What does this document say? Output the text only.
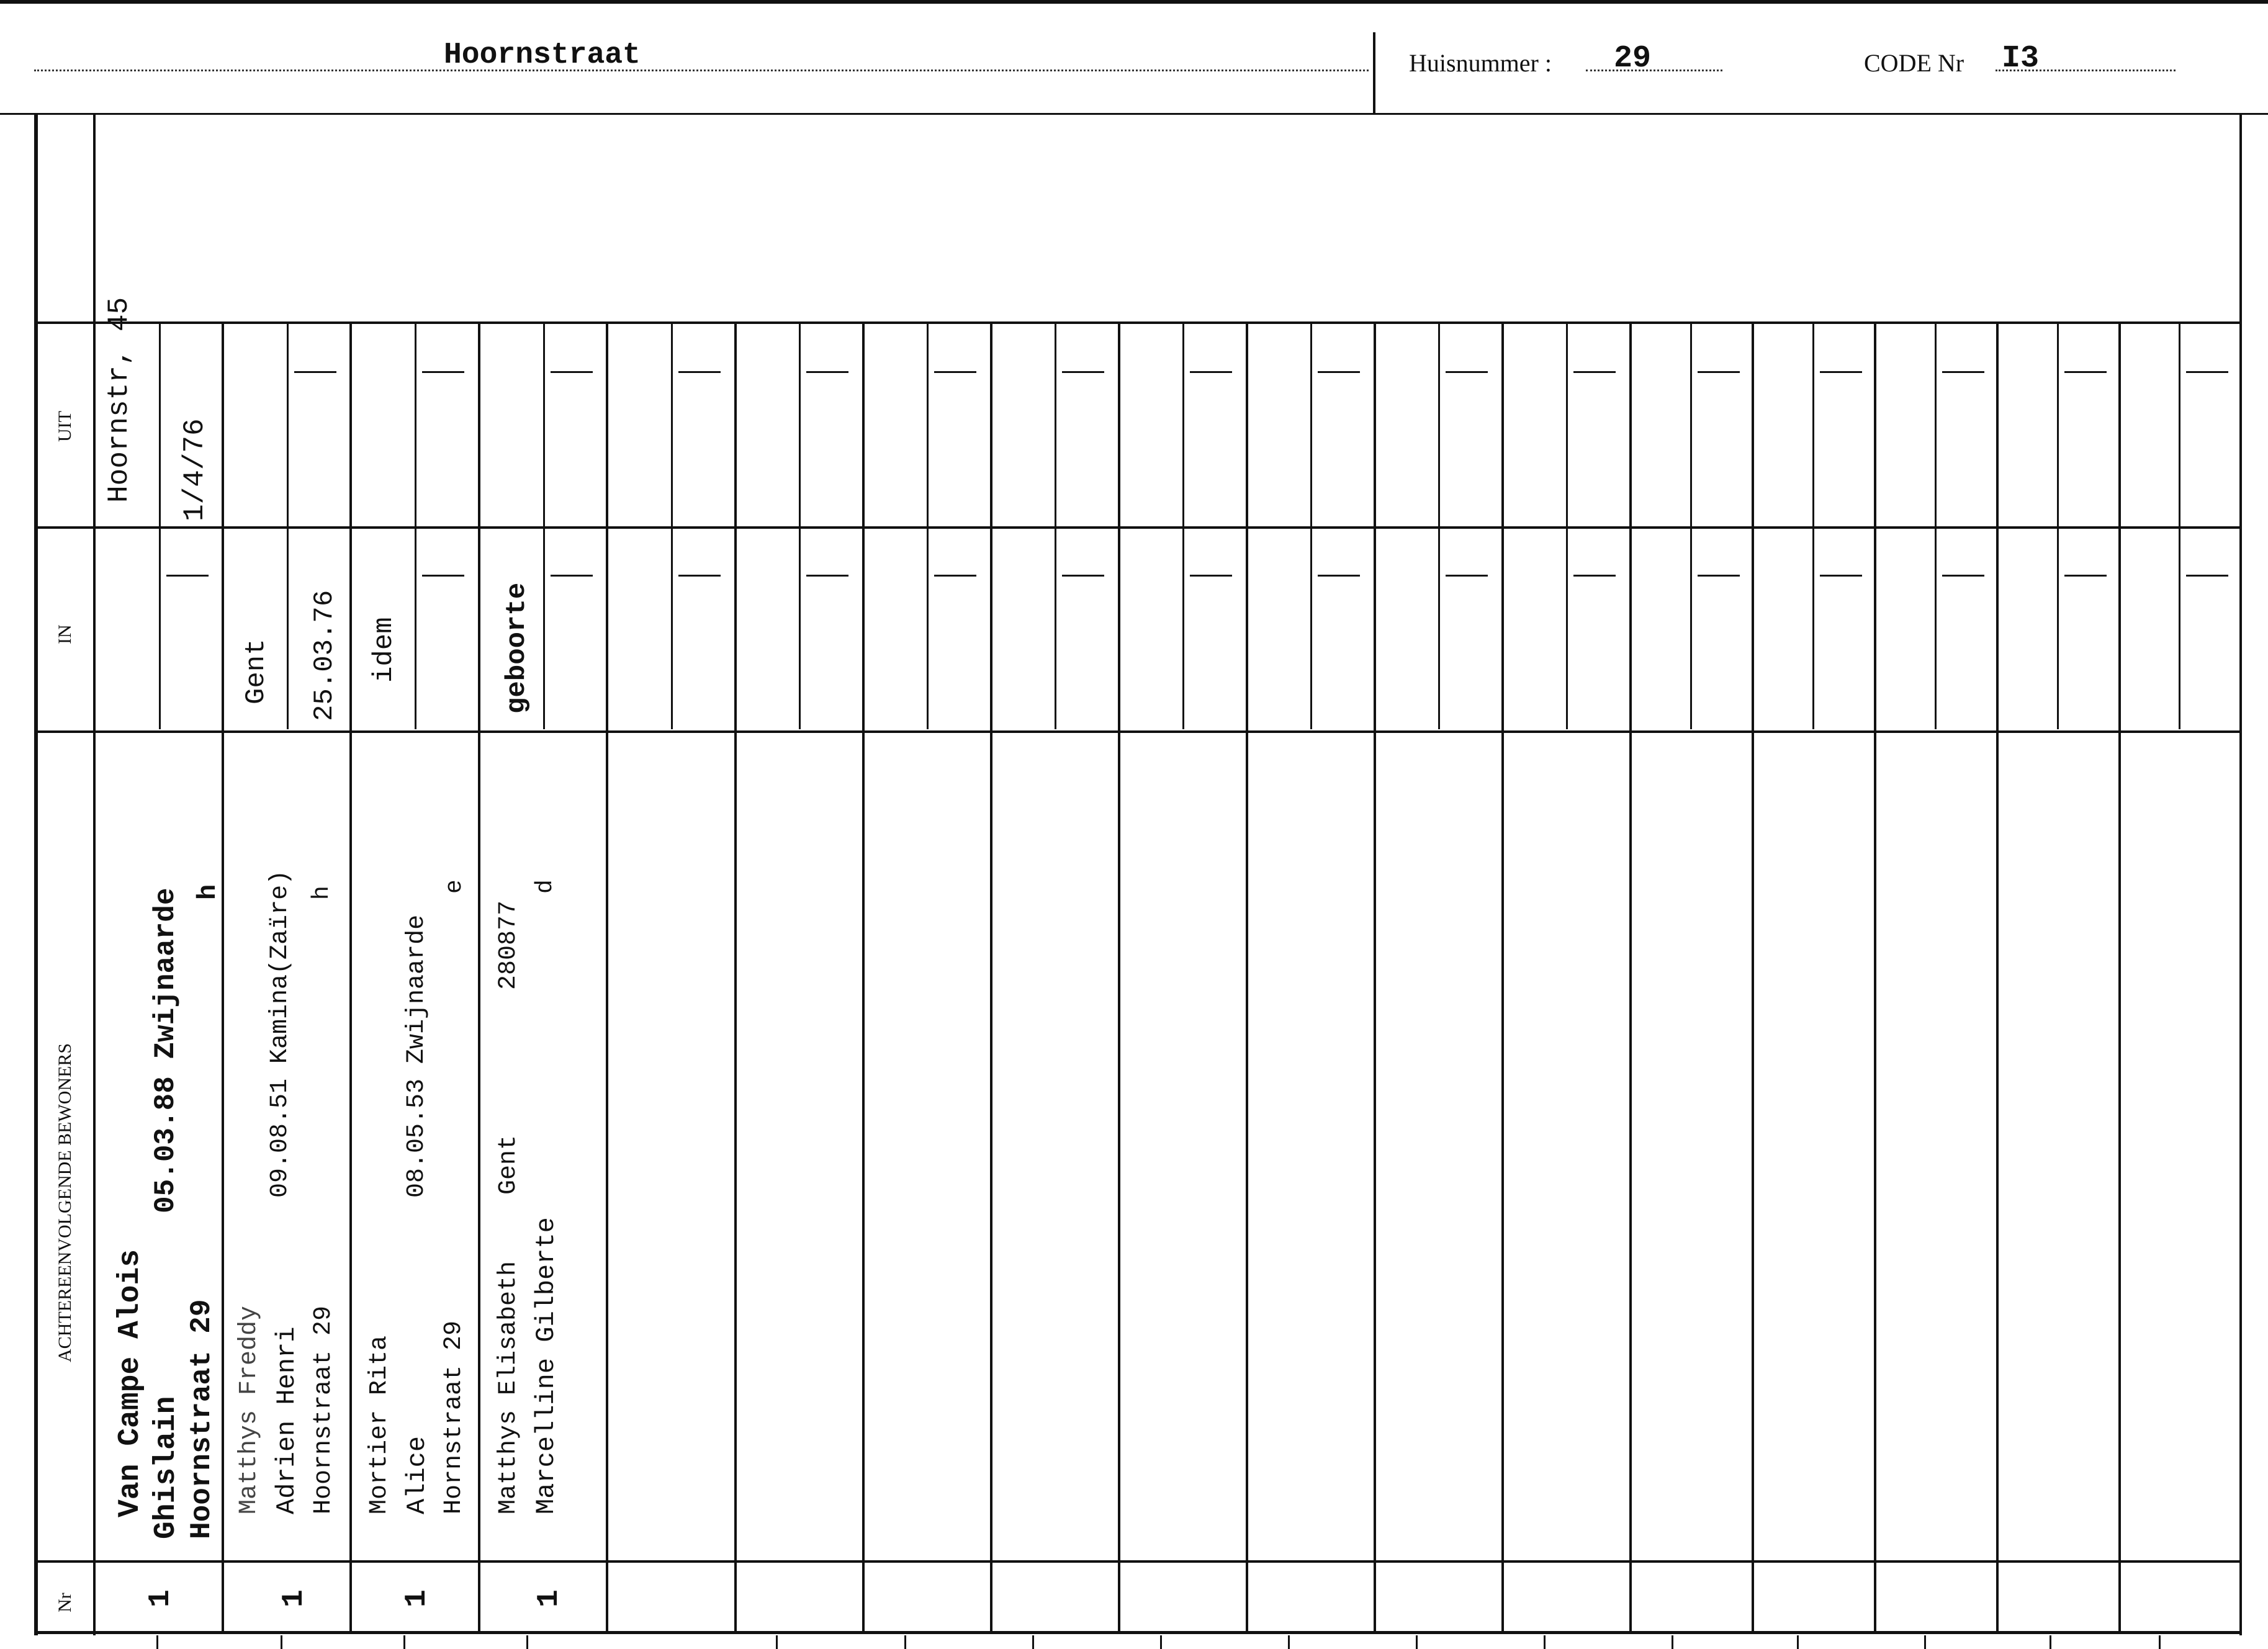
Hoornstraat	Huisnummer : 29	CODE Nr I3
UIT
IN
ACHTEREENVOLGENDE BEWONERS
Nr
Hoornstr, 45 1/4/76
Van Campe Alois Ghislain Hoornstraat 29
05.03.88 Zwijnaarde h
1
Gent 25.03.76
Matthys Freddy Adrien Henri Hoornstraat 29
09.08.51 Kamina(Zaïre) h
1
idem
Mortier Rita Alice Hornstraat 29
08.05.53 Zwijnaarde
e
1
geboorte
Matthys Elisabeth Marcelline Gilberte
Gent
280877
d
1
